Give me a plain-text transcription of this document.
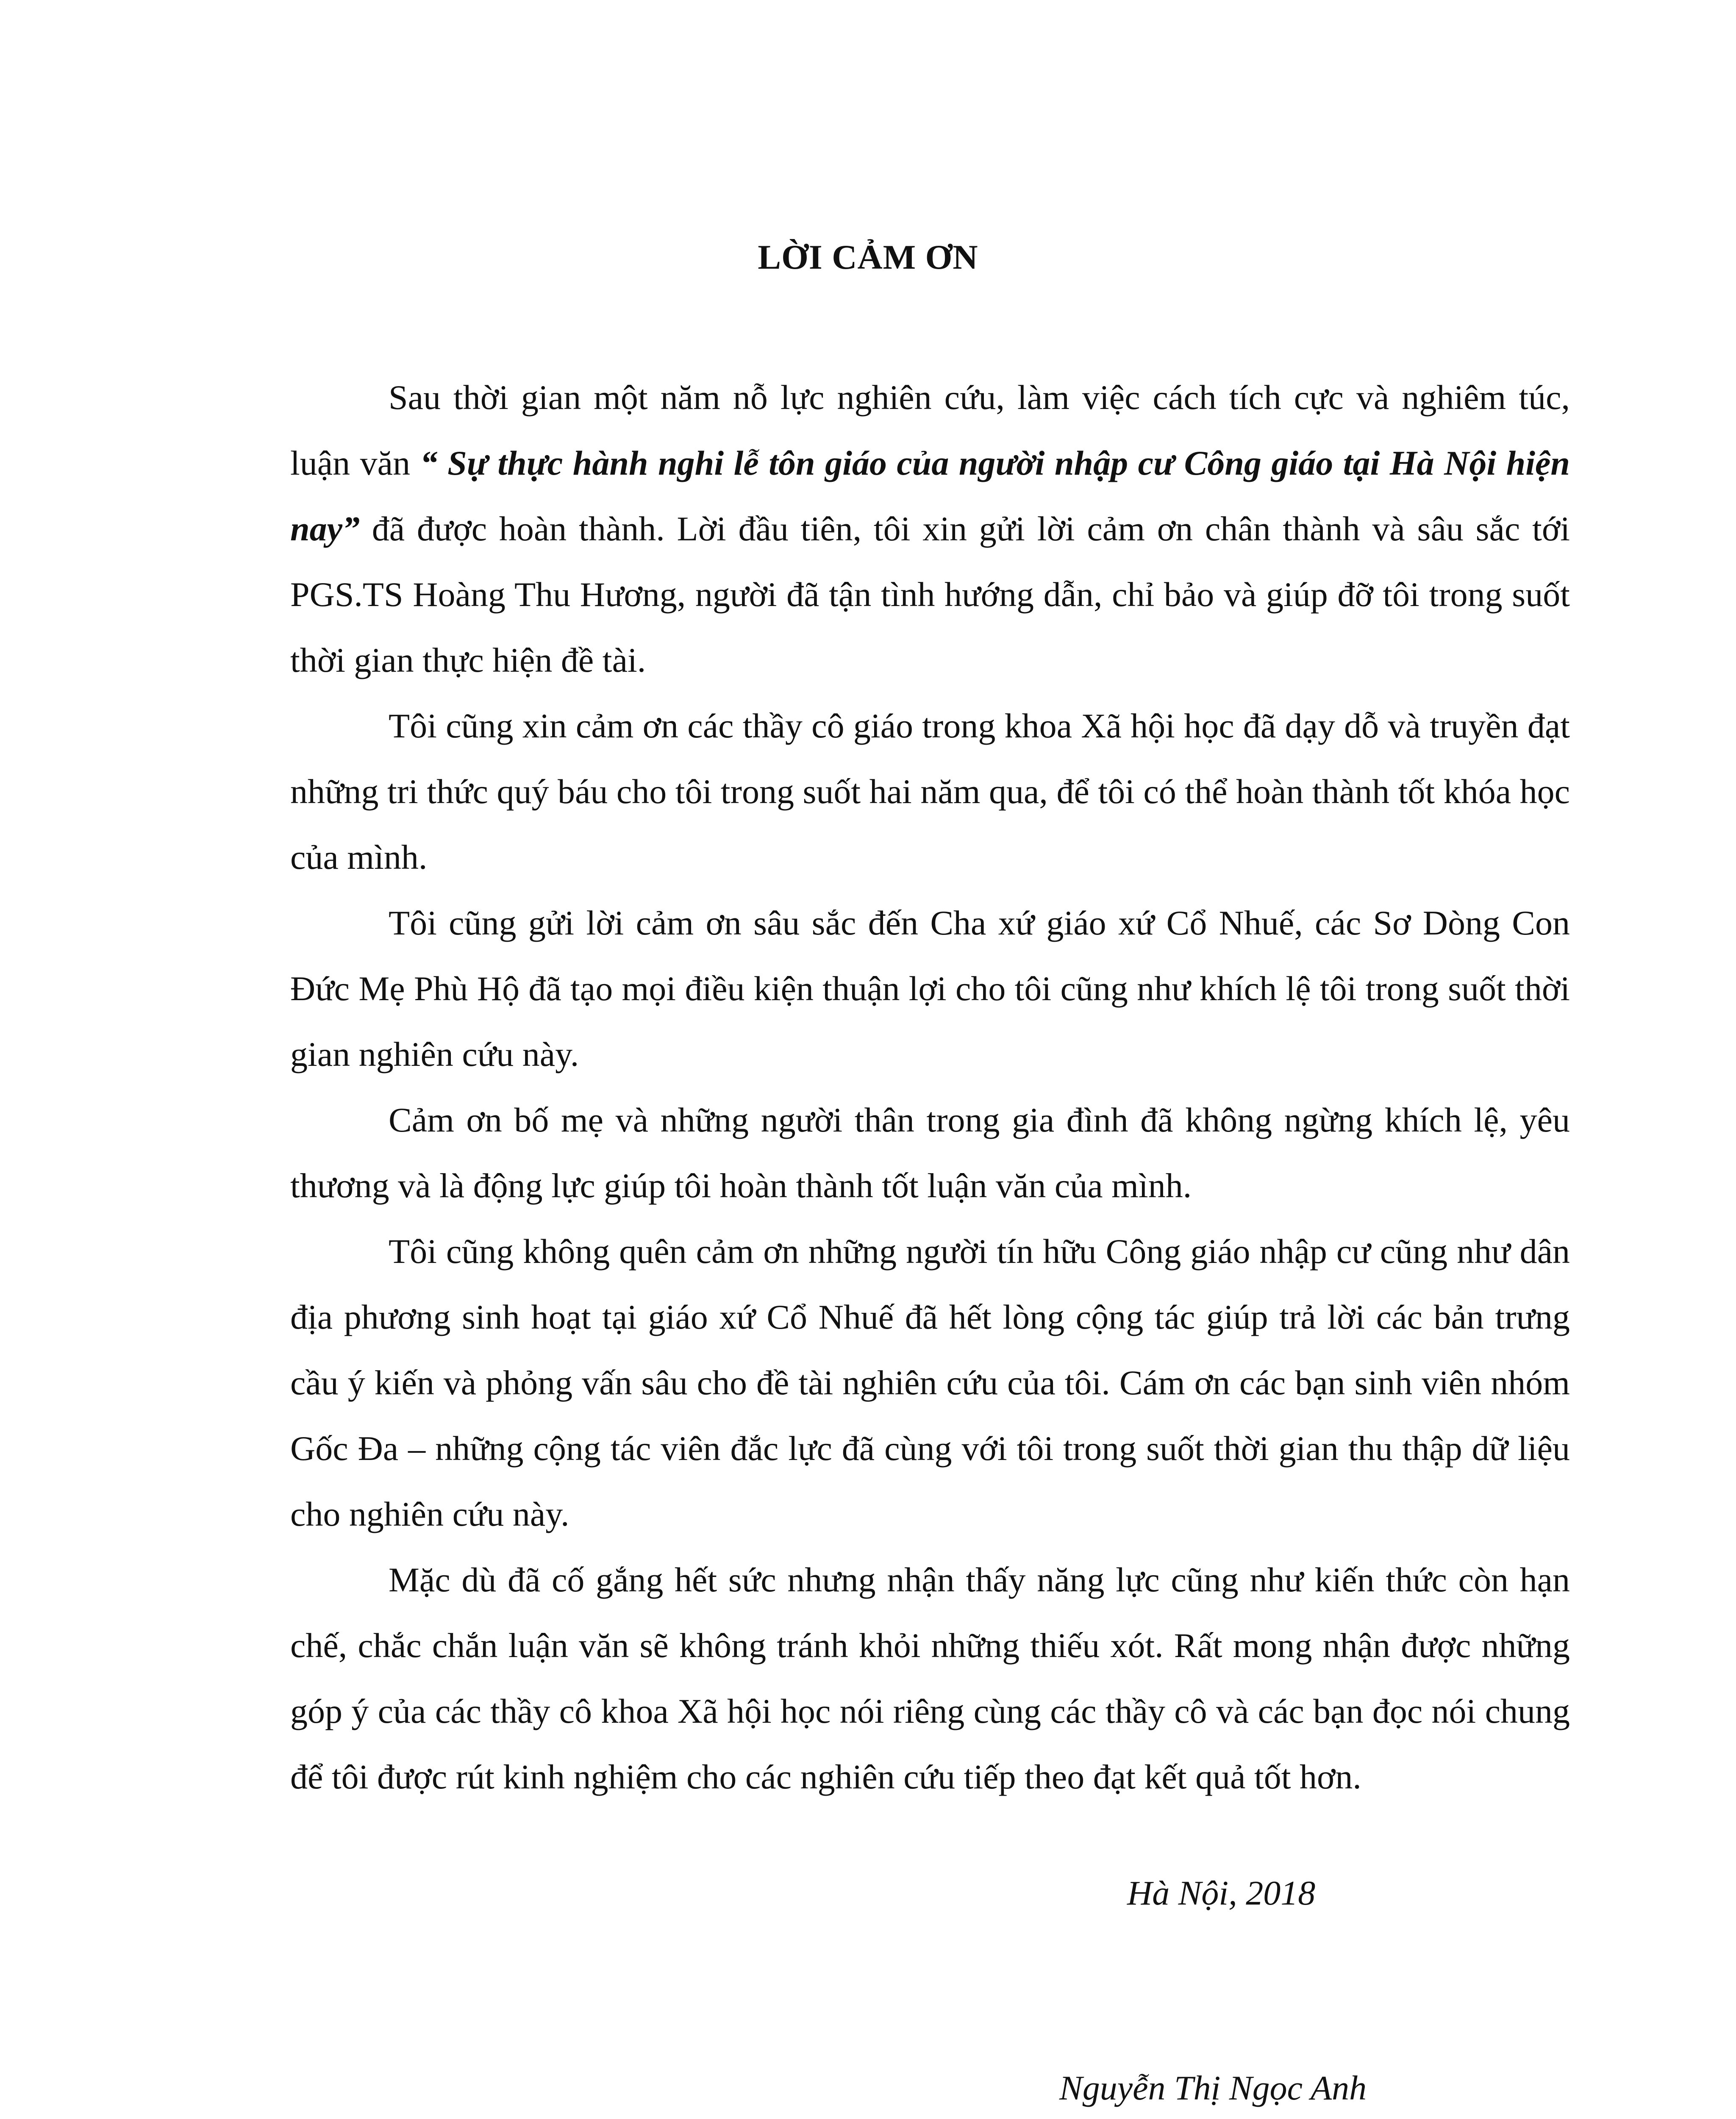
LỜI CẢM ƠN

Sau thời gian một năm nỗ lực nghiên cứu, làm việc cách tích cực và nghiêm túc, luận văn “ Sự thực hành nghi lễ tôn giáo của người nhập cư Công giáo tại Hà Nội hiện nay” đã được hoàn thành. Lời đầu tiên, tôi xin gửi lời cảm ơn chân thành và sâu sắc tới PGS.TS Hoàng Thu Hương, người đã tận tình hướng dẫn, chỉ bảo và giúp đỡ tôi trong suốt thời gian thực hiện đề tài.

Tôi cũng xin cảm ơn các thầy cô giáo trong khoa Xã hội học đã dạy dỗ và truyền đạt những tri thức quý báu cho tôi trong suốt hai năm qua, để tôi có thể hoàn thành tốt khóa học của mình.

Tôi cũng gửi lời cảm ơn sâu sắc đến Cha xứ giáo xứ Cổ Nhuế, các Sơ Dòng Con Đức Mẹ Phù Hộ đã tạo mọi điều kiện thuận lợi cho tôi cũng như khích lệ tôi trong suốt thời gian nghiên cứu này.

Cảm ơn bố mẹ và những người thân trong gia đình đã không ngừng khích lệ, yêu thương và là động lực giúp tôi hoàn thành tốt luận văn của mình.

Tôi cũng không quên cảm ơn những người tín hữu Công giáo nhập cư cũng như dân địa phương sinh hoạt tại giáo xứ Cổ Nhuế đã hết lòng cộng tác giúp trả lời các bản trưng cầu ý kiến và phỏng vấn sâu cho đề tài nghiên cứu của tôi. Cám ơn các bạn sinh viên nhóm Gốc Đa – những cộng tác viên đắc lực đã cùng với tôi trong suốt thời gian thu thập dữ liệu cho nghiên cứu này.

Mặc dù đã cố gắng hết sức nhưng nhận thấy năng lực cũng như kiến thức còn hạn chế, chắc chắn luận văn sẽ không tránh khỏi những thiếu xót. Rất mong nhận được những góp ý của các thầy cô khoa Xã hội học nói riêng cùng các thầy cô và các bạn đọc nói chung để tôi được rút kinh nghiệm cho các nghiên cứu tiếp theo đạt kết quả tốt hơn.

Hà Nội, 2018

Nguyễn Thị Ngọc Anh
